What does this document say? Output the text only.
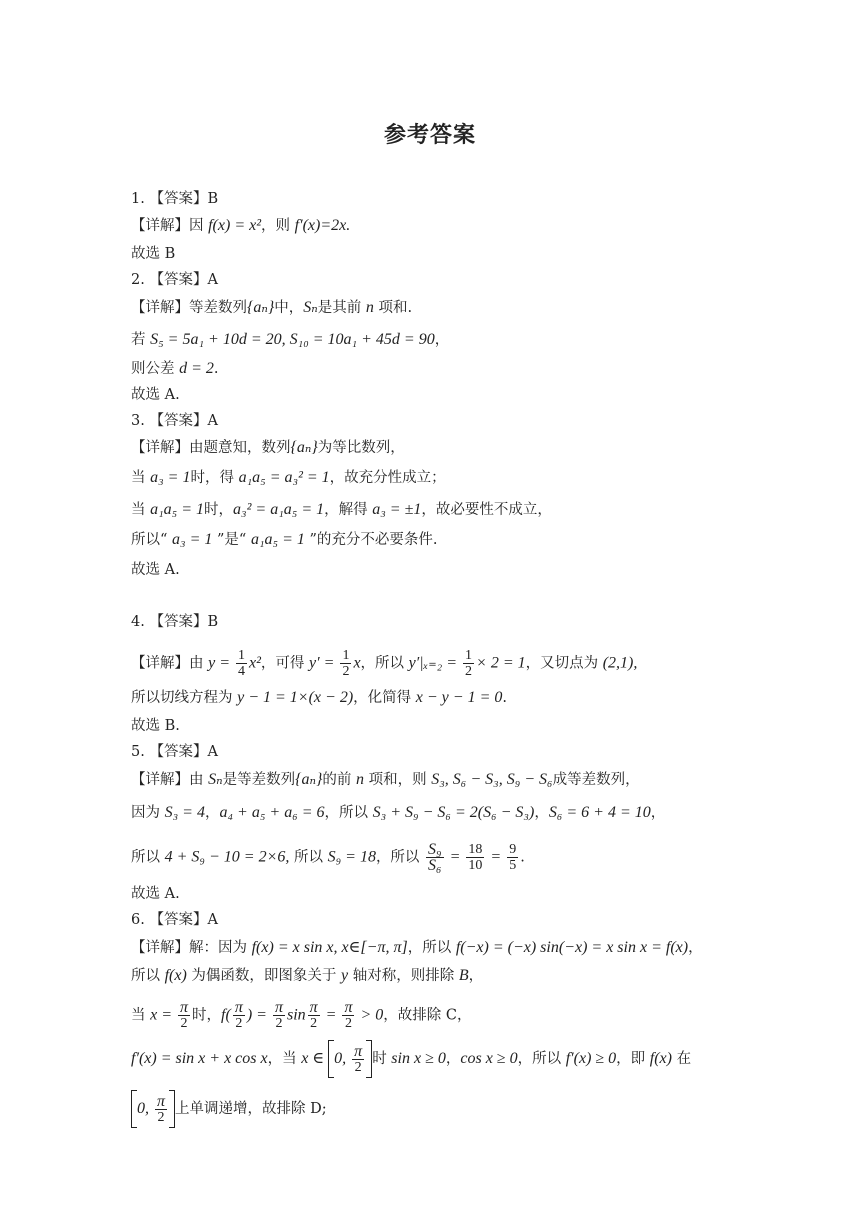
参考答案
1. 【答案】B
【详解】因 f(x) = x²，则 f′(x)=2x.
故选 B
2. 【答案】A
【详解】等差数列{aₙ}中，Sₙ是其前 n 项和.
若 S₅ = 5a₁ + 10d = 20, S₁₀ = 10a₁ + 45d = 90，
则公差 d = 2.
故选 A.
3. 【答案】A
【详解】由题意知，数列{aₙ}为等比数列，
当 a₃ = 1时，得 a₁a₅ = a₃² = 1，故充分性成立；
当 a₁a₅ = 1时，a₃² = a₁a₅ = 1，解得 a₃ = ±1，故必要性不成立，
所以“ a₃ = 1 ”是“ a₁a₅ = 1 ”的充分不必要条件.
故选 A.
4. 【答案】B
【详解】由 $y = \frac{1}{4} x^2$，可得 $y' = \frac{1}{2}$ x，所以 $y'|_{x=2} = \frac{1}{2} \times 2 = 1$，又切点为 (2,1),
所以切线方程为 y − 1 = 1×(x − 2)，化简得 x − y − 1 = 0.
故选 B.
5. 【答案】A
【详解】由 Sₙ是等差数列{aₙ}的前 n 项和，则 S₃, S₆ − S₃, S₉ − S₆成等差数列，
因为 S₃ = 4，a₄ + a₅ + a₆ = 6，所以 S₃ + S₉ − S₆ = 2(S₆ − S₃)，S₆ = 6 + 4 = 10，
所以 4 + S₉ − 10 = 2×6, 所以 S₉ = 18，所以 $\frac{\text{S₉}}{\text{S₆}} = \frac{18}{10} = \frac{9}{5}$ .
故选 A.
6. 【答案】A
【详解】解：因为 f(x) = x sin x, x∈[−π, π]，所以 f(−x) = (−x) sin(−x) = x sin x = f(x)，
所以 f(x) 为偶函数，即图象关于 y 轴对称，则排除 B，
当 $x = \frac{\pi}{2}$ 时，$f( \frac{\pi}{2}$ ) = $\frac{\pi}{2}$ $\sin \frac{\pi}{2} = \frac{\pi}{2} > 0$，故排除 C，
f′(x) = sin x + x cos x，当 x ∈ 0, $\frac{\pi}{2}$ 时 sin x ≥ 0，cos x ≥ 0，所以 f′(x) ≥ 0，即 f(x) 在
0, $\frac{\pi}{2}$ 上单调递增，故排除 D;
